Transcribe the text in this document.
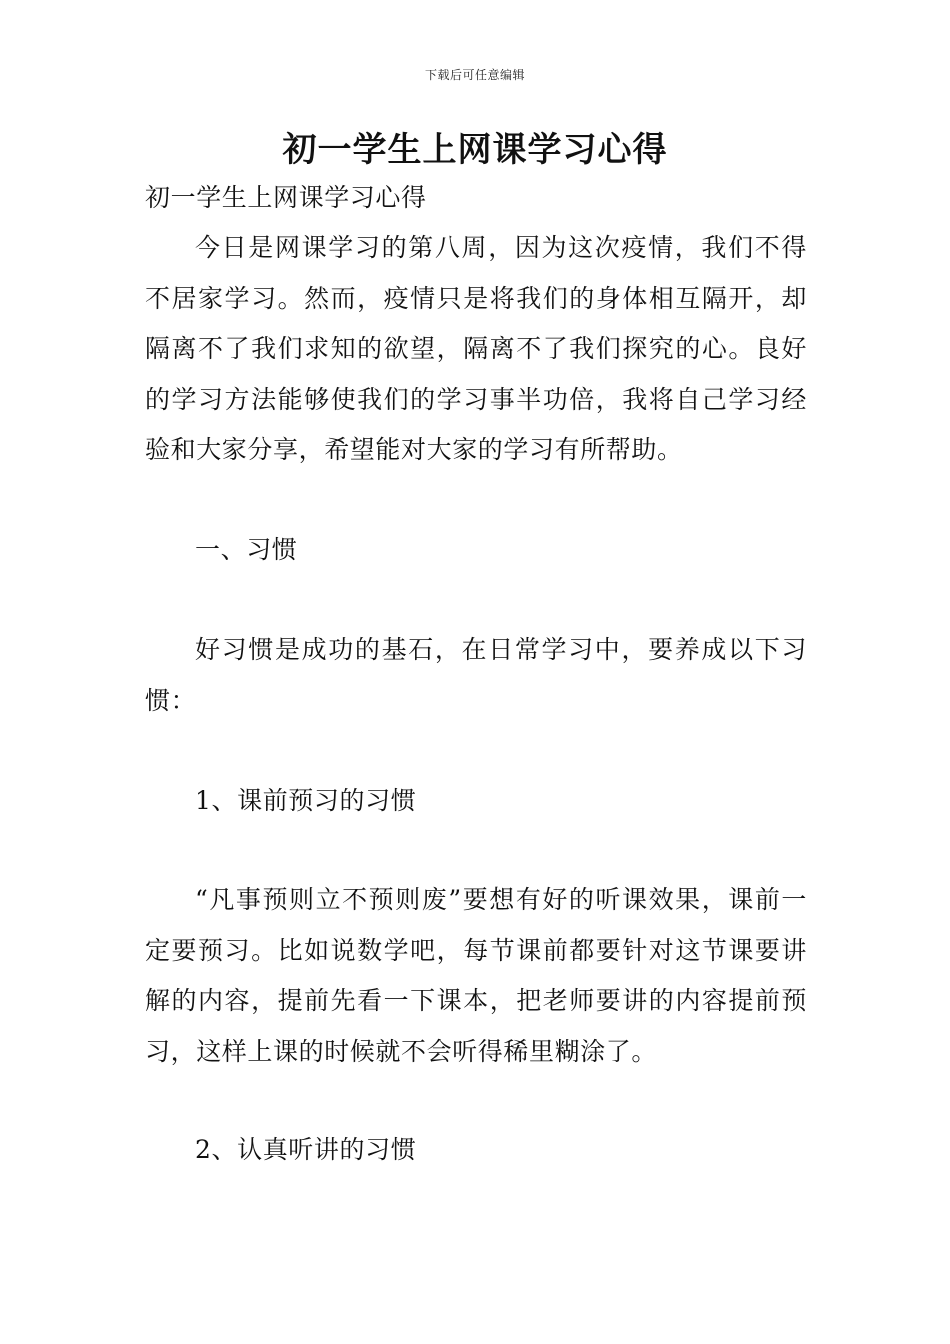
下载后可任意编辑
初一学生上网课学习心得
初一学生上网课学习心得
今日是网课学习的第八周，因为这次疫情，我们不得不居家学习。然而，疫情只是将我们的身体相互隔开，却隔离不了我们求知的欲望，隔离不了我们探究的心。良好的学习方法能够使我们的学习事半功倍，我将自己学习经验和大家分享，希望能对大家的学习有所帮助。
一、习惯
好习惯是成功的基石，在日常学习中，要养成以下习惯：
1、课前预习的习惯
“凡事预则立不预则废”要想有好的听课效果，课前一定要预习。比如说数学吧，每节课前都要针对这节课要讲解的内容，提前先看一下课本，把老师要讲的内容提前预习，这样上课的时候就不会听得稀里糊涂了。
2、认真听讲的习惯
